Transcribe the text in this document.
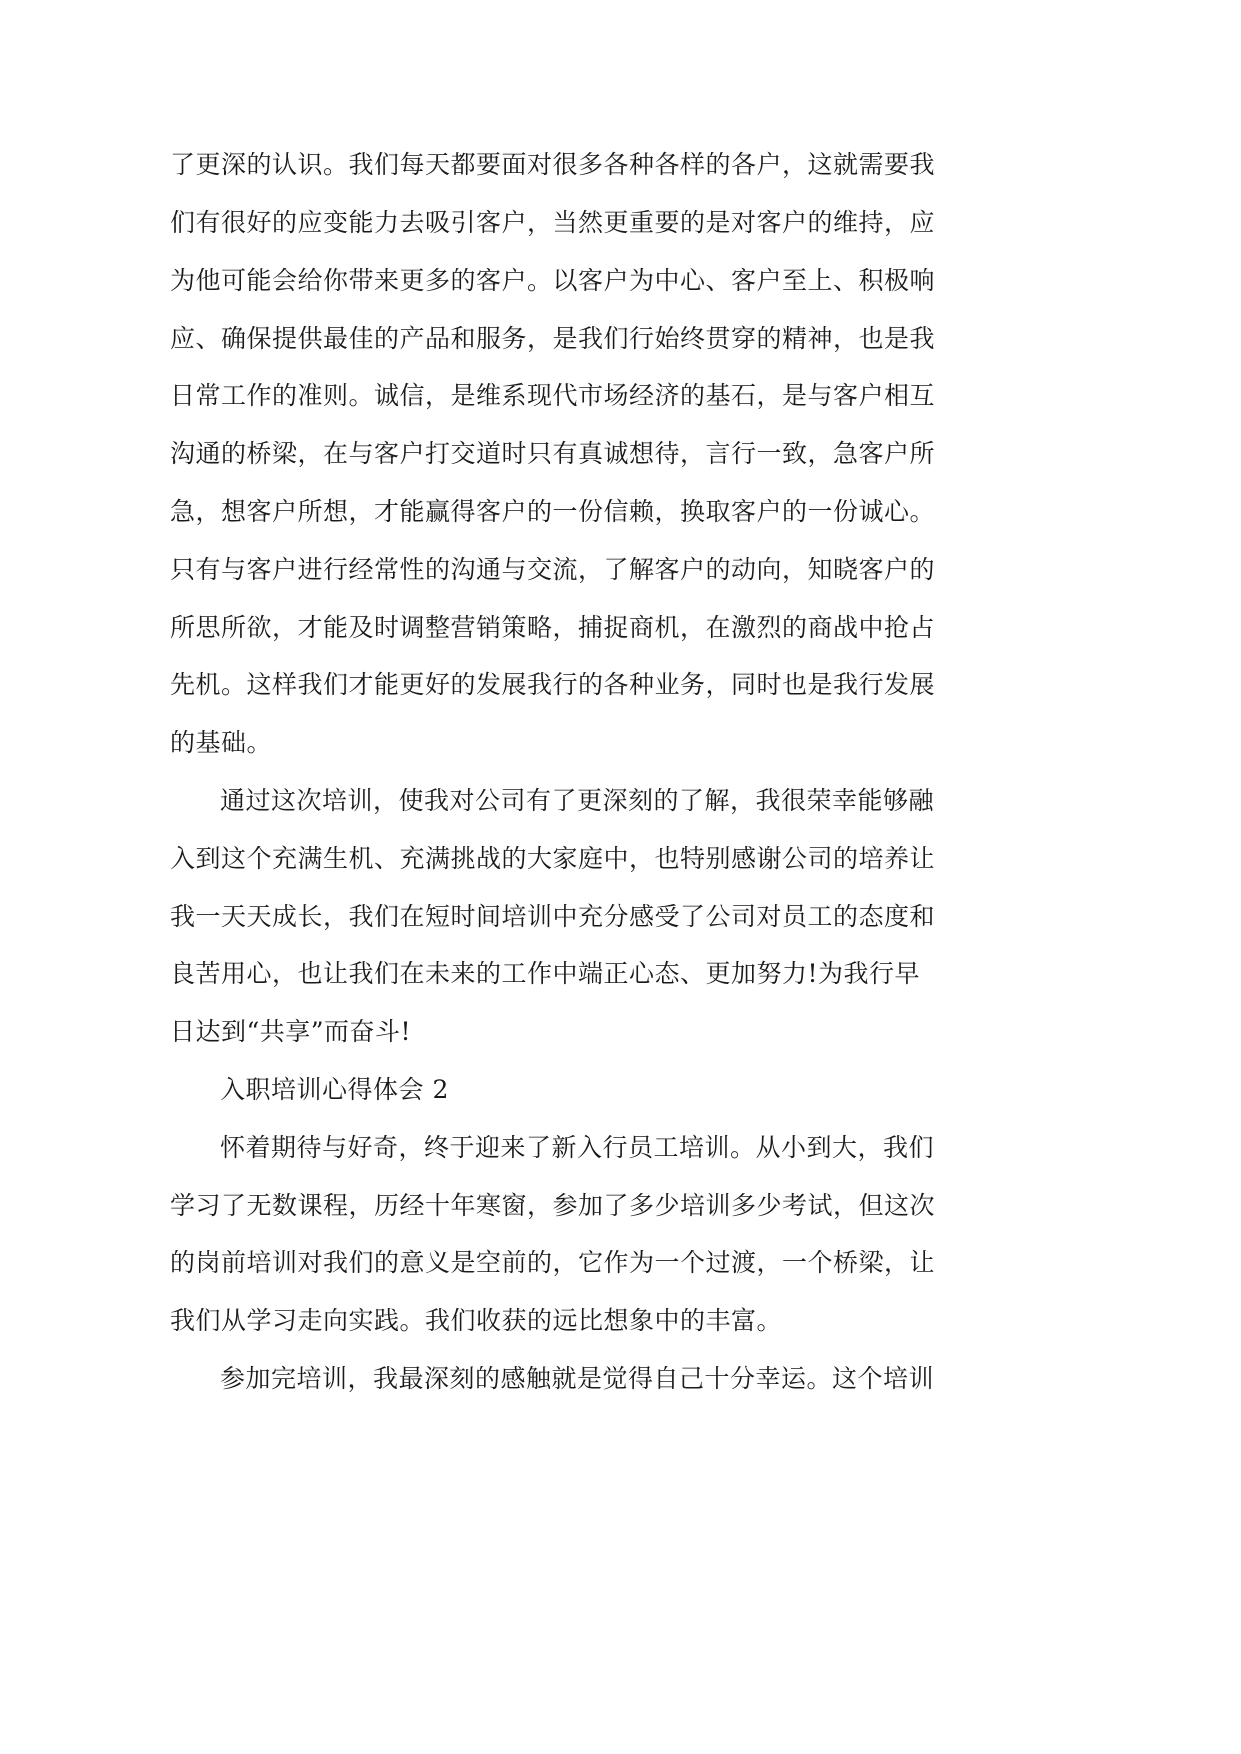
了更深的认识。我们每天都要面对很多各种各样的各户，这就需要我
们有很好的应变能力去吸引客户，当然更重要的是对客户的维持，应
为他可能会给你带来更多的客户。以客户为中心、客户至上、积极响
应、确保提供最佳的产品和服务，是我们行始终贯穿的精神，也是我
日常工作的准则。诚信，是维系现代市场经济的基石，是与客户相互
沟通的桥梁，在与客户打交道时只有真诚想待，言行一致，急客户所
急，想客户所想，才能赢得客户的一份信赖，换取客户的一份诚心。
只有与客户进行经常性的沟通与交流，了解客户的动向，知晓客户的
所思所欲，才能及时调整营销策略，捕捉商机，在激烈的商战中抢占
先机。这样我们才能更好的发展我行的各种业务，同时也是我行发展
的基础。
通过这次培训，使我对公司有了更深刻的了解，我很荣幸能够融
入到这个充满生机、充满挑战的大家庭中，也特别感谢公司的培养让
我一天天成长，我们在短时间培训中充分感受了公司对员工的态度和
良苦用心，也让我们在未来的工作中端正心态、更加努力!为我行早
日达到“共享”而奋斗!
入职培训心得体会 2
怀着期待与好奇，终于迎来了新入行员工培训。从小到大，我们
学习了无数课程，历经十年寒窗，参加了多少培训多少考试，但这次
的岗前培训对我们的意义是空前的，它作为一个过渡，一个桥梁，让
我们从学习走向实践。我们收获的远比想象中的丰富。
参加完培训，我最深刻的感触就是觉得自己十分幸运。这个培训
